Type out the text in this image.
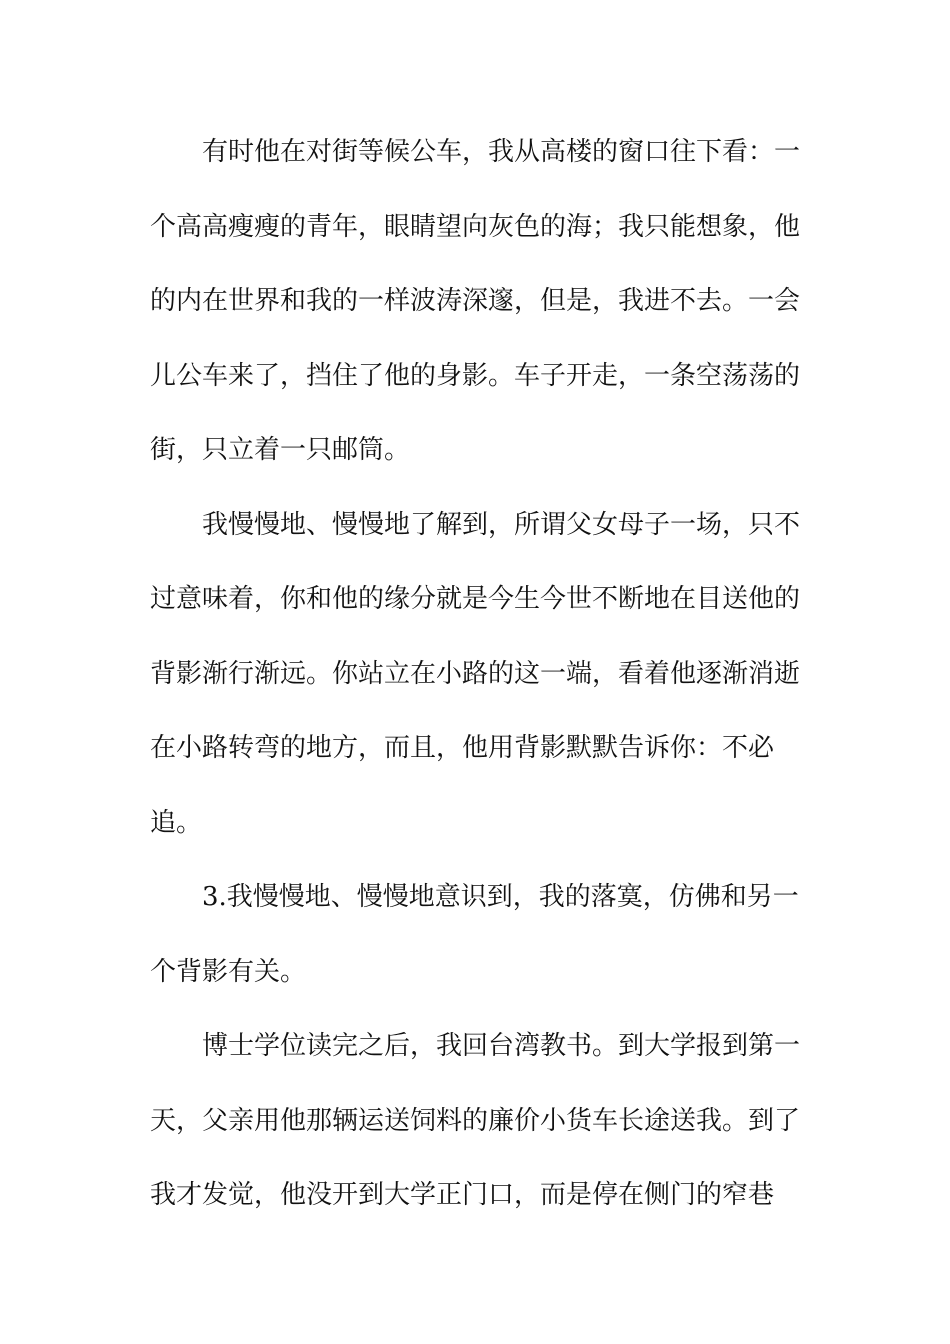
有时他在对街等候公车，我从高楼的窗口往下看：一
个高高瘦瘦的青年，眼睛望向灰色的海；我只能想象，他
的内在世界和我的一样波涛深邃，但是，我进不去。一会
儿公车来了，挡住了他的身影。车子开走，一条空荡荡的
街，只立着一只邮筒。
我慢慢地、慢慢地了解到，所谓父女母子一场，只不
过意味着，你和他的缘分就是今生今世不断地在目送他的
背影渐行渐远。你站立在小路的这一端，看着他逐渐消逝
在小路转弯的地方，而且，他用背影默默告诉你：不必
追。
3.我慢慢地、慢慢地意识到，我的落寞，仿佛和另一
个背影有关。
博士学位读完之后，我回台湾教书。到大学报到第一
天，父亲用他那辆运送饲料的廉价小货车长途送我。到了
我才发觉，他没开到大学正门口，而是停在侧门的窄巷
